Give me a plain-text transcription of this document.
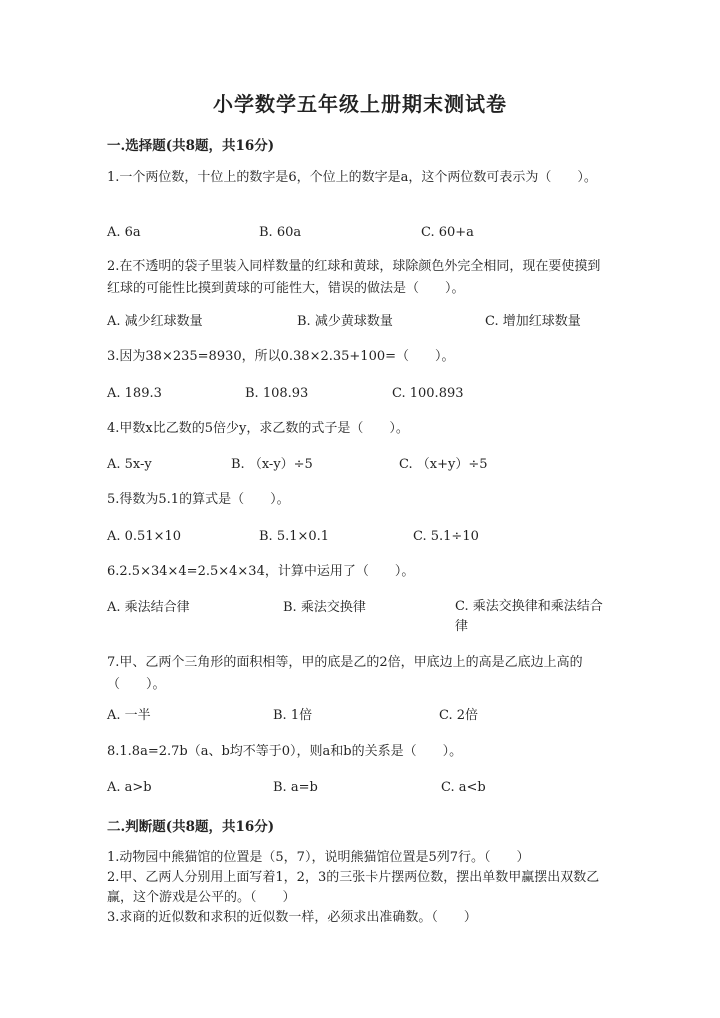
小学数学五年级上册期末测试卷
一.选择题(共8题，共16分)
1.一个两位数，十位上的数字是6，个位上的数字是a，这个两位数可表示为（　　）。
A. 6a	B. 60a	C. 60+a
2.在不透明的袋子里装入同样数量的红球和黄球，球除颜色外完全相同，现在要使摸到红球的可能性比摸到黄球的可能性大，错误的做法是（　　）。
A. 减少红球数量	B. 减少黄球数量	C. 增加红球数量
3.因为38×235=8930，所以0.38×2.35+100=（　　）。
A. 189.3	B. 108.93	C. 100.893
4.甲数x比乙数的5倍少y，求乙数的式子是（　　）。
A. 5x-y	B. （x-y）÷5	C. （x+y）÷5
5.得数为5.1的算式是（　　）。
A. 0.51×10	B. 5.1×0.1	C. 5.1÷10
6.2.5×34×4=2.5×4×34，计算中运用了（　　）。
A. 乘法结合律	B. 乘法交换律	C. 乘法交换律和乘法结合律
7.甲、乙两个三角形的面积相等，甲的底是乙的2倍，甲底边上的高是乙底边上高的（　　）。
A. 一半	B. 1倍	C. 2倍
8.1.8a=2.7b（a、b均不等于0），则a和b的关系是（　　）。
A. a>b	B. a=b	C. a<b
二.判断题(共8题，共16分)
1.动物园中熊猫馆的位置是（5，7），说明熊猫馆位置是5列7行。（　　）
2.甲、乙两人分别用上面写着1，2，3的三张卡片摆两位数，摆出单数甲赢摆出双数乙赢，这个游戏是公平的。（　　）
3.求商的近似数和求积的近似数一样，必须求出准确数。（　　）
